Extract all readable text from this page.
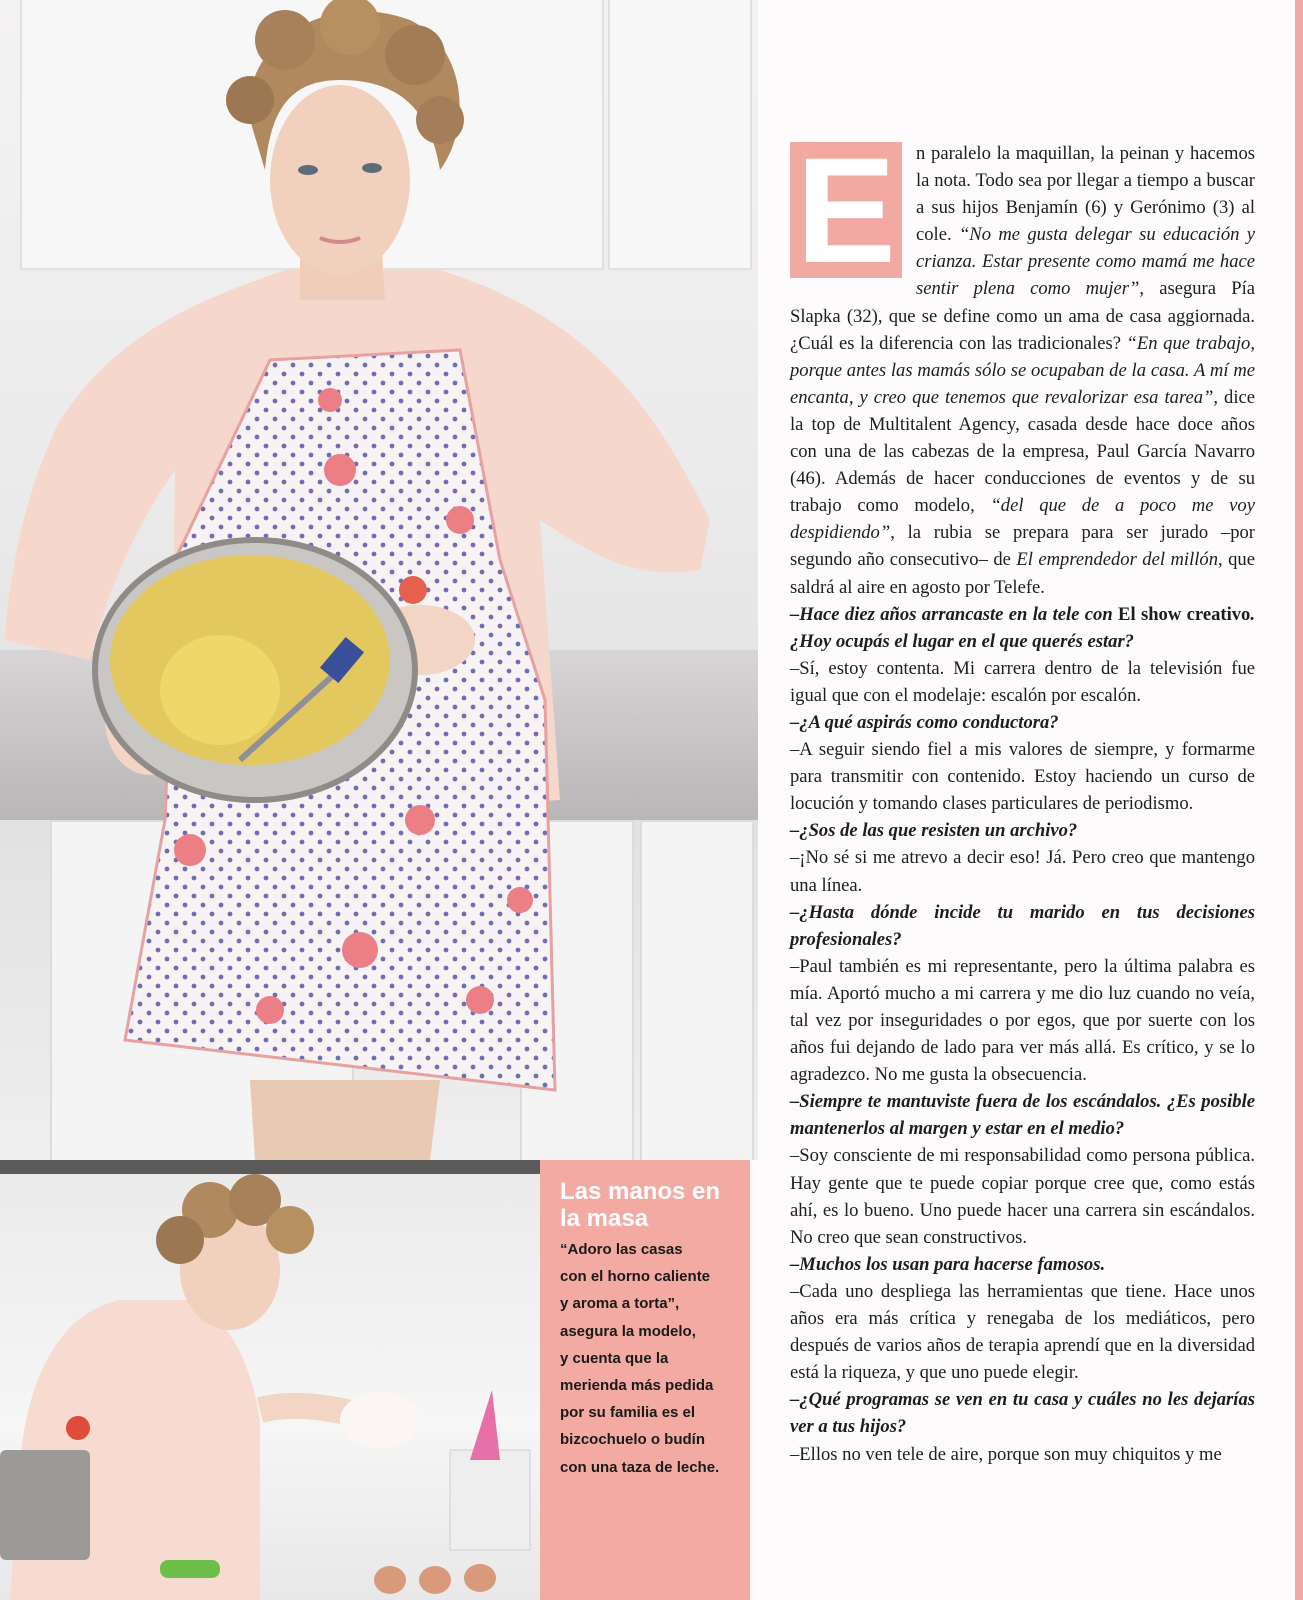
Las manos en la masa

“Adoro las casas

con el horno caliente

y aroma a torta”,

asegura la modelo,

y cuenta que la

merienda más pedida

por su familia es el

bizcochuelo o budín

con una taza de leche.

E	n paralelo la maquillan, la peinan y hacemos la nota. Todo sea por llegar a tiempo a buscar a sus hijos Benjamín (6) y Gerónimo (3) al cole. “No me gusta delegar su educación y crianza. Estar presente como mamá me hace sentir plena como mujer”, asegura Pía Slapka (32), que se define como un ama de casa aggiornada. ¿Cuál es la diferencia con las tradicionales? “En que trabajo, porque antes las mamás sólo se ocupaban de la casa. A mí me encanta, y creo que tenemos que revalorizar esa tarea”, dice la top de Multitalent Agency, casada desde hace doce años con una de las cabezas de la empresa, Paul García Navarro (46). Además de hacer conducciones de eventos y de su trabajo como modelo, “del que de a poco me voy despidiendo”, la rubia se prepara para ser jurado –por segundo año consecutivo– de El emprendedor del millón, que saldrá al aire en agosto por Telefe.

–Hace diez años arrancaste en la tele con El show creativo. ¿Hoy ocupás el lugar en el que querés estar?

–Sí, estoy contenta. Mi carrera dentro de la televisión fue igual que con el modelaje: escalón por escalón.

–¿A qué aspirás como conductora?

–A seguir siendo fiel a mis valores de siempre, y formarme para transmitir con contenido. Estoy haciendo un curso de locución y tomando clases particulares de periodismo.

–¿Sos de las que resisten un archivo?

–¡No sé si me atrevo a decir eso! Já. Pero creo que mantengo una línea.

–¿Hasta dónde incide tu marido en tus decisiones profesionales?

–Paul también es mi representante, pero la última palabra es mía. Aportó mucho a mi carrera y me dio luz cuando no veía, tal vez por inseguridades o por egos, que por suerte con los años fui dejando de lado para ver más allá. Es crítico, y se lo agradezco. No me gusta la obsecuencia.

–Siempre te mantuviste fuera de los escándalos. ¿Es posible mantenerlos al margen y estar en el medio?

–Soy consciente de mi responsabilidad como persona pública. Hay gente que te puede copiar porque cree que, como estás ahí, es lo bueno. Uno puede hacer una carrera sin escándalos. No creo que sean constructivos.

–Muchos los usan para hacerse famosos.

–Cada uno despliega las herramientas que tiene. Hace unos años era más crítica y renegaba de los mediáticos, pero después de varios años de terapia aprendí que en la diversidad está la riqueza, y que uno puede elegir.

–¿Qué programas se ven en tu casa y cuáles no les dejarías ver a tus hijos?

–Ellos no ven tele de aire, porque son muy chiquitos y me
